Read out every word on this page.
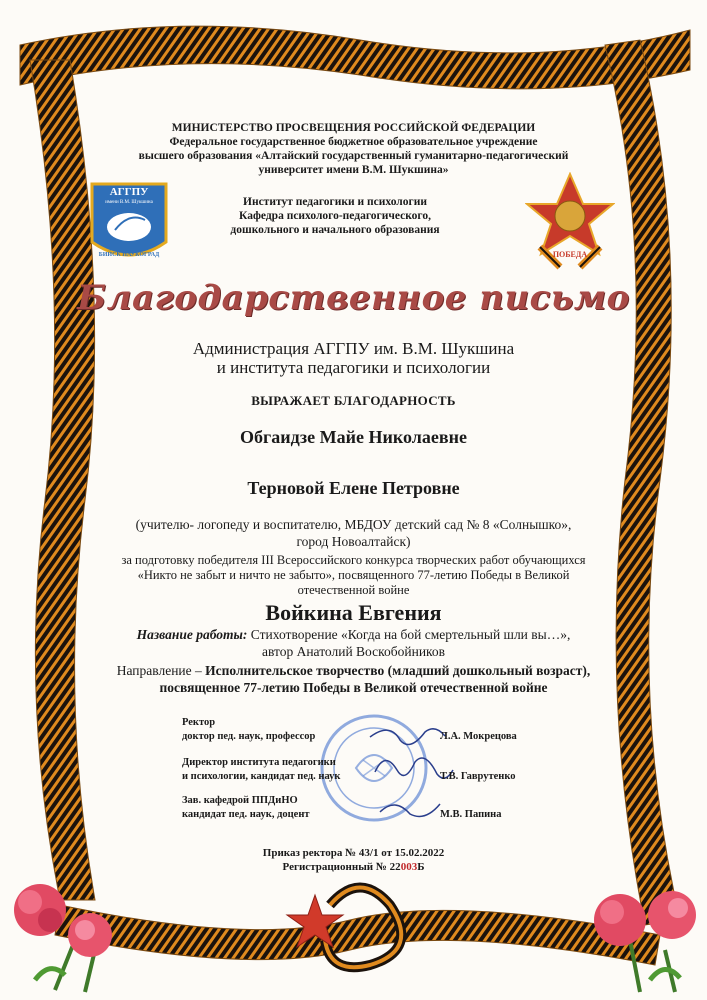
МИНИСТЕРСТВО ПРОСВЕЩЕНИЯ РОССИЙСКОЙ ФЕДЕРАЦИИ
Федеральное государственное бюджетное образовательное учреждение
высшего образования «Алтайский государственный гуманитарно-педагогический
университет имени В.М. Шукшина»
АГГПУ
имени В.М. Шукшина
БИЙСК НАУКОГРАД
Институт педагогики и психологии
Кафедра психолого-педагогического,
дошкольного и начального образования
ПОБЕДА
Благодарственное письмо
Администрация АГГПУ им. В.М. Шукшина
и института педагогики и психологии
ВЫРАЖАЕТ БЛАГОДАРНОСТЬ
Обгаидзе Майе Николаевне
Терновой Елене Петровне
(учителю- логопеду и воспитателю, МБДОУ детский сад № 8 «Солнышко»,
город Новоалтайск)
за подготовку победителя III Всероссийского конкурса творческих работ обучающихся
«Никто не забыт и ничто не забыто», посвященного 77-летию Победы в Великой
отечественной войне
Войкина Евгения
Название работы: Стихотворение «Когда на бой смертельный шли вы…»,
автор Анатолий Воскобойников
Направление – Исполнительское творчество (младший дошкольный возраст),
посвященное 77-летию Победы в Великой отечественной войне
Ректор
доктор пед. наук, профессор	Л.А. Мокрецова
Директор института педагогики
и психологии, кандидат пед. наук	Т.В. Гаврутенко
Зав. кафедрой ППДиНО
кандидат пед. наук, доцент	М.В. Папина
Приказ ректора № 43/1 от 15.02.2022
Регистрационный № 22003Б
